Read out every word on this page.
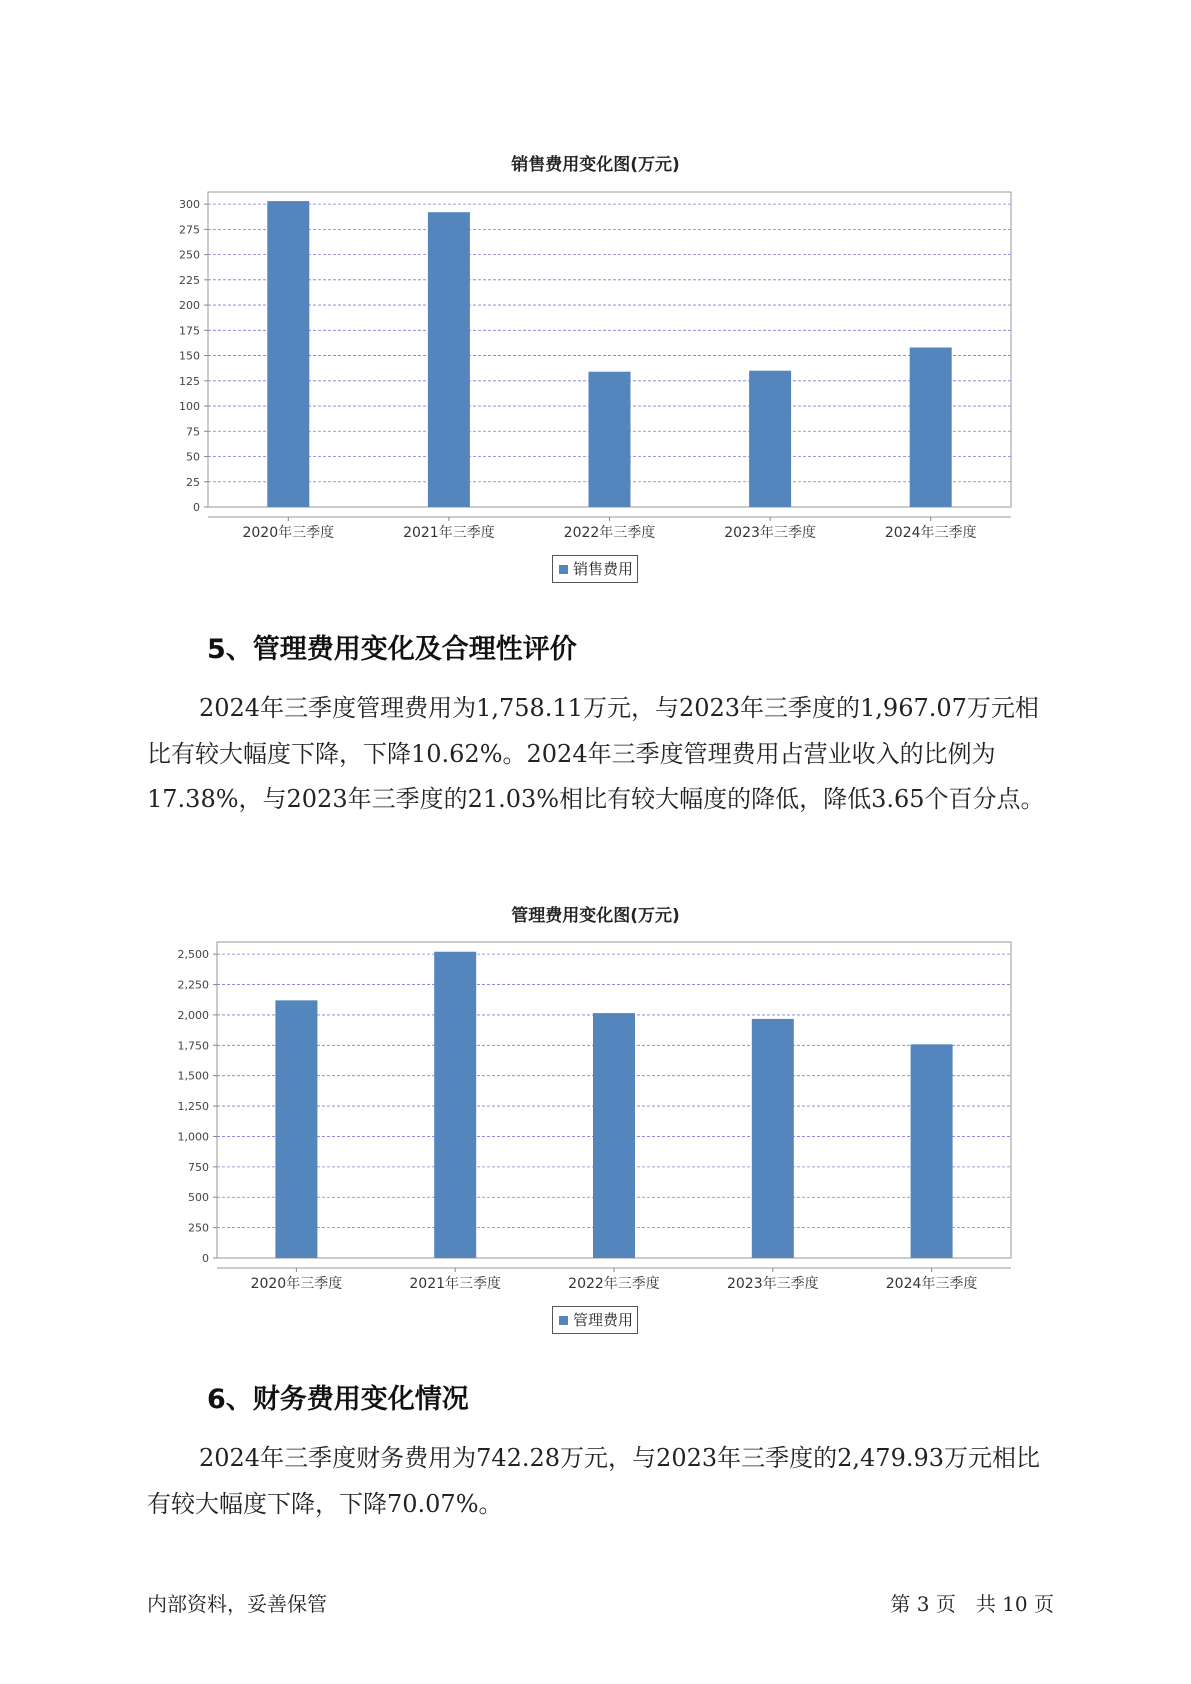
销售费用变化图(万元)
0
25
50
75
100
125
150
175
200
225
250
275
300
2020年三季度	2021年三季度	2022年三季度	2023年三季度	2024年三季度
销售费用
5、管理费用变化及合理性评价

2024年三季度管理费用为1,758.11万元，与2023年三季度的1,967.07万元相比有较大幅度下降，下降10.62%。2024年三季度管理费用占营业收入的比例为17.38%，与2023年三季度的21.03%相比有较大幅度的降低，降低3.65个百分点。

管理费用变化图(万元)
0
250
500
750
1,000
1,250
1,500
1,750
2,000
2,250
2,500
2020年三季度	2021年三季度	2022年三季度	2023年三季度	2024年三季度
管理费用
6、财务费用变化情况

2024年三季度财务费用为742.28万元，与2023年三季度的2,479.93万元相比有较大幅度下降，下降70.07%。

内部资料，妥善保管	第 3 页　共 10 页
